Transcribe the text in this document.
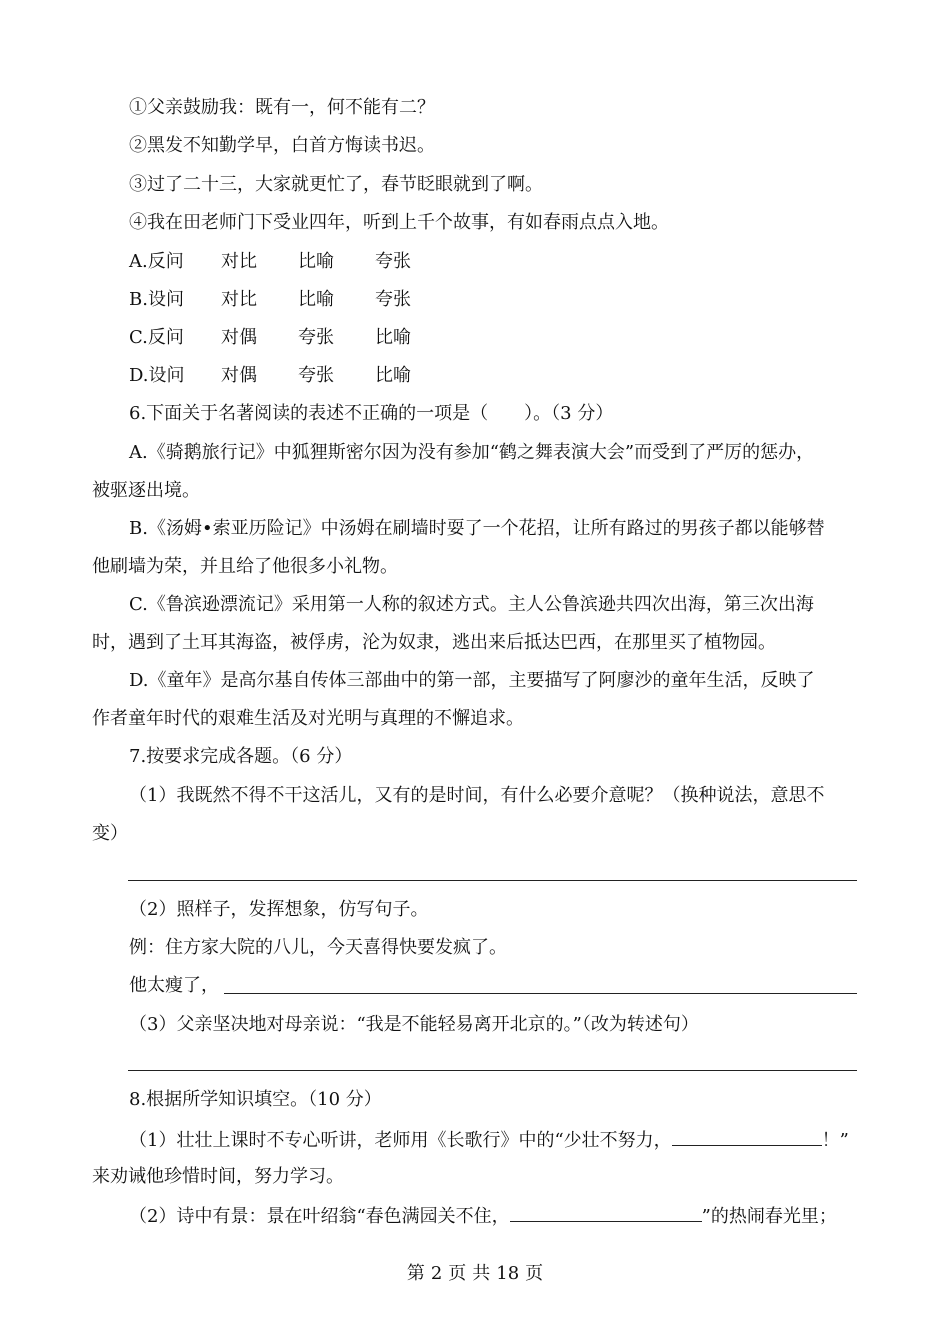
①父亲鼓励我：既有一，何不能有二？
②黑发不知勤学早，白首方悔读书迟。
③过了二十三，大家就更忙了，春节眨眼就到了啊。
④我在田老师门下受业四年，听到上千个故事，有如春雨点点入地。
A.反问 对比 比喻 夸张
B.设问 对比 比喻 夸张
C.反问 对偶 夸张 比喻
D.设问 对偶 夸张 比喻
6.下面关于名著阅读的表述不正确的一项是（　　）。（3 分）
A.《骑鹅旅行记》中狐狸斯密尔因为没有参加“鹤之舞表演大会”而受到了严厉的惩办，
被驱逐出境。
B.《汤姆•索亚历险记》中汤姆在刷墙时耍了一个花招，让所有路过的男孩子都以能够替
他刷墙为荣，并且给了他很多小礼物。
C.《鲁滨逊漂流记》采用第一人称的叙述方式。主人公鲁滨逊共四次出海，第三次出海
时，遇到了土耳其海盗，被俘虏，沦为奴隶，逃出来后抵达巴西，在那里买了植物园。
D.《童年》是高尔基自传体三部曲中的第一部，主要描写了阿廖沙的童年生活，反映了
作者童年时代的艰难生活及对光明与真理的不懈追求。
7.按要求完成各题。（6 分）
（1）我既然不得不干这活儿，又有的是时间，有什么必要介意呢？（换种说法，意思不
变）
（2）照样子，发挥想象，仿写句子。
例：住方家大院的八儿，今天喜得快要发疯了。
他太瘦了，
（3）父亲坚决地对母亲说：“我是不能轻易离开北京的。”（改为转述句）
8.根据所学知识填空。（10 分）
（1）壮壮上课时不专心听讲，老师用《长歌行》中的“少壮不努力，	！”
来劝诫他珍惜时间，努力学习。
（2）诗中有景：景在叶绍翁“春色满园关不住，	”的热闹春光里；
第 2 页 共 18 页
